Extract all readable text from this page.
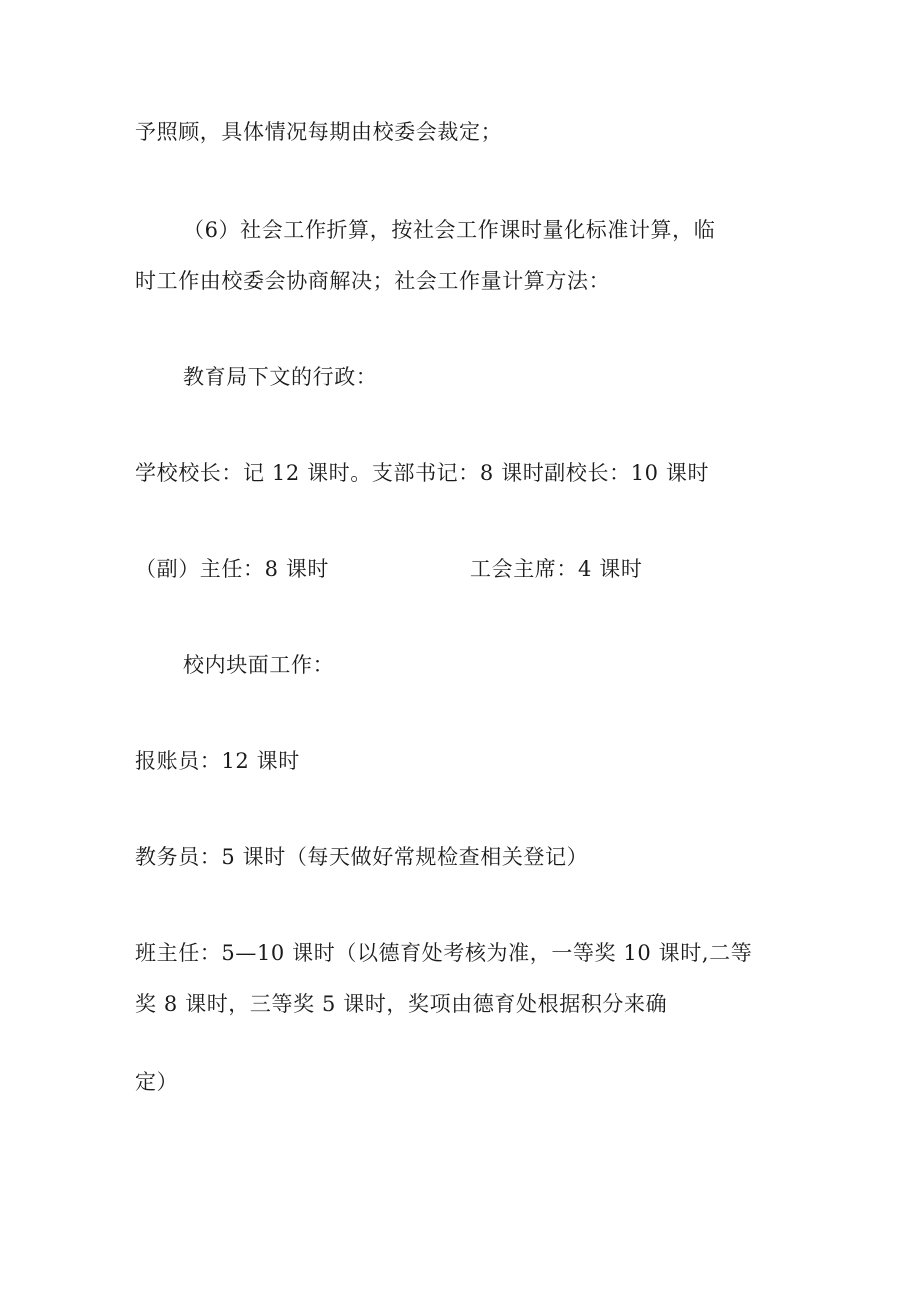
予照顾，具体情况每期由校委会裁定；
（6）社会工作折算，按社会工作课时量化标准计算，临
时工作由校委会协商解决；社会工作量计算方法：
教育局下文的行政：
学校校长：记 12 课时。支部书记：8 课时副校长：10 课时
（副）主任：8 课时	工会主席：4 课时
校内块面工作：
报账员：12 课时
教务员：5 课时（每天做好常规检查相关登记）
班主任：5—10 课时（以德育处考核为准，一等奖 10 课时,二等
奖 8 课时，三等奖 5 课时，奖项由德育处根据积分来确
定）
